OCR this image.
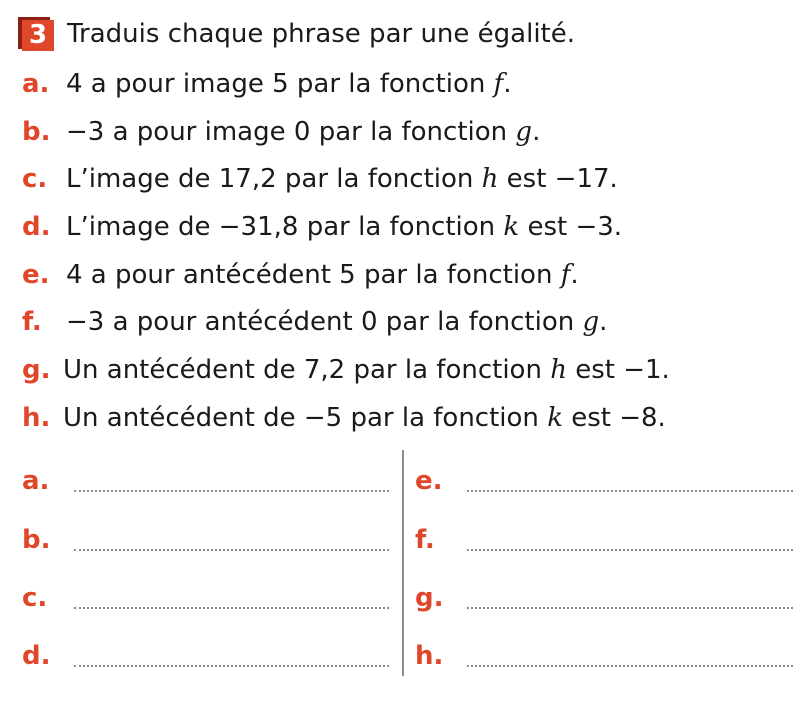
3 Traduis chaque phrase par une égalité.
a. 4 a pour image 5 par la fonction f.
b. −3 a pour image 0 par la fonction g.
c. L’image de 17,2 par la fonction h est −17.
d. L’image de −31,8 par la fonction k est −3.
e. 4 a pour antécédent 5 par la fonction f.
f. −3 a pour antécédent 0 par la fonction g.
g. Un antécédent de 7,2 par la fonction h est −1.
h. Un antécédent de −5 par la fonction k est −8.
a.
b.
c.
d.
e.
f.
g.
h.
